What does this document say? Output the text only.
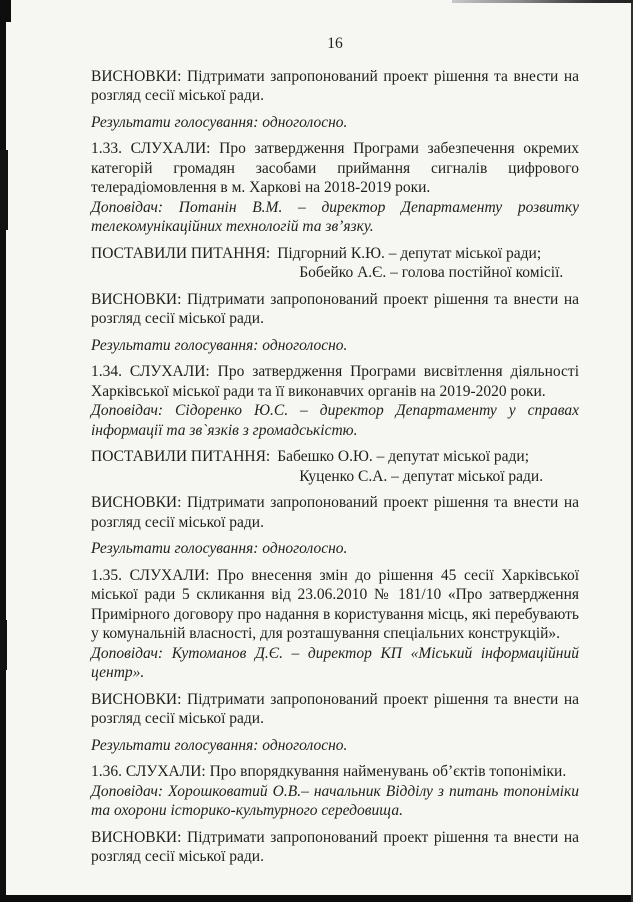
16

ВИСНОВКИ: Підтримати запропонований проект рішення та внести на розгляд сесії міської ради.

Результати голосування: одноголосно.

1.33. СЛУХАЛИ: Про затвердження Програми забезпечення окремих категорій громадян засобами приймання сигналів цифрового телерадіомовлення в м. Харкові на 2018-2019 роки.

Доповідач: Потанін В.М. – директор Департаменту розвитку телекомунікаційних технологій та зв’язку.

ПОСТАВИЛИ ПИТАННЯ: Підгорний К.Ю. – депутат міської ради;
Бобейко А.Є. – голова постійної комісії.

ВИСНОВКИ: Підтримати запропонований проект рішення та внести на розгляд сесії міської ради.

Результати голосування: одноголосно.

1.34. СЛУХАЛИ: Про затвердження Програми висвітлення діяльності Харківської міської ради та її виконавчих органів на 2019-2020 роки.

Доповідач: Сідоренко Ю.С. – директор Департаменту у справах інформації та зв`язків з громадськістю.

ПОСТАВИЛИ ПИТАННЯ: Бабешко О.Ю. – депутат міської ради;
Куценко С.А. – депутат міської ради.

ВИСНОВКИ: Підтримати запропонований проект рішення та внести на розгляд сесії міської ради.

Результати голосування: одноголосно.

1.35. СЛУХАЛИ: Про внесення змін до рішення 45 сесії Харківської міської ради 5 скликання від 23.06.2010 № 181/10 «Про затвердження Примірного договору про надання в користування місць, які перебувають у комунальній власності, для розташування спеціальних конструкцій».

Доповідач: Кутоманов Д.Є. – директор КП «Міський інформаційний центр».

ВИСНОВКИ: Підтримати запропонований проект рішення та внести на розгляд сесії міської ради.

Результати голосування: одноголосно.

1.36. СЛУХАЛИ: Про впорядкування найменувань об’єктів топоніміки.

Доповідач: Хорошковатий О.В.– начальник Відділу з питань топоніміки та охорони історико-культурного середовища.

ВИСНОВКИ: Підтримати запропонований проект рішення та внести на розгляд сесії міської ради.
